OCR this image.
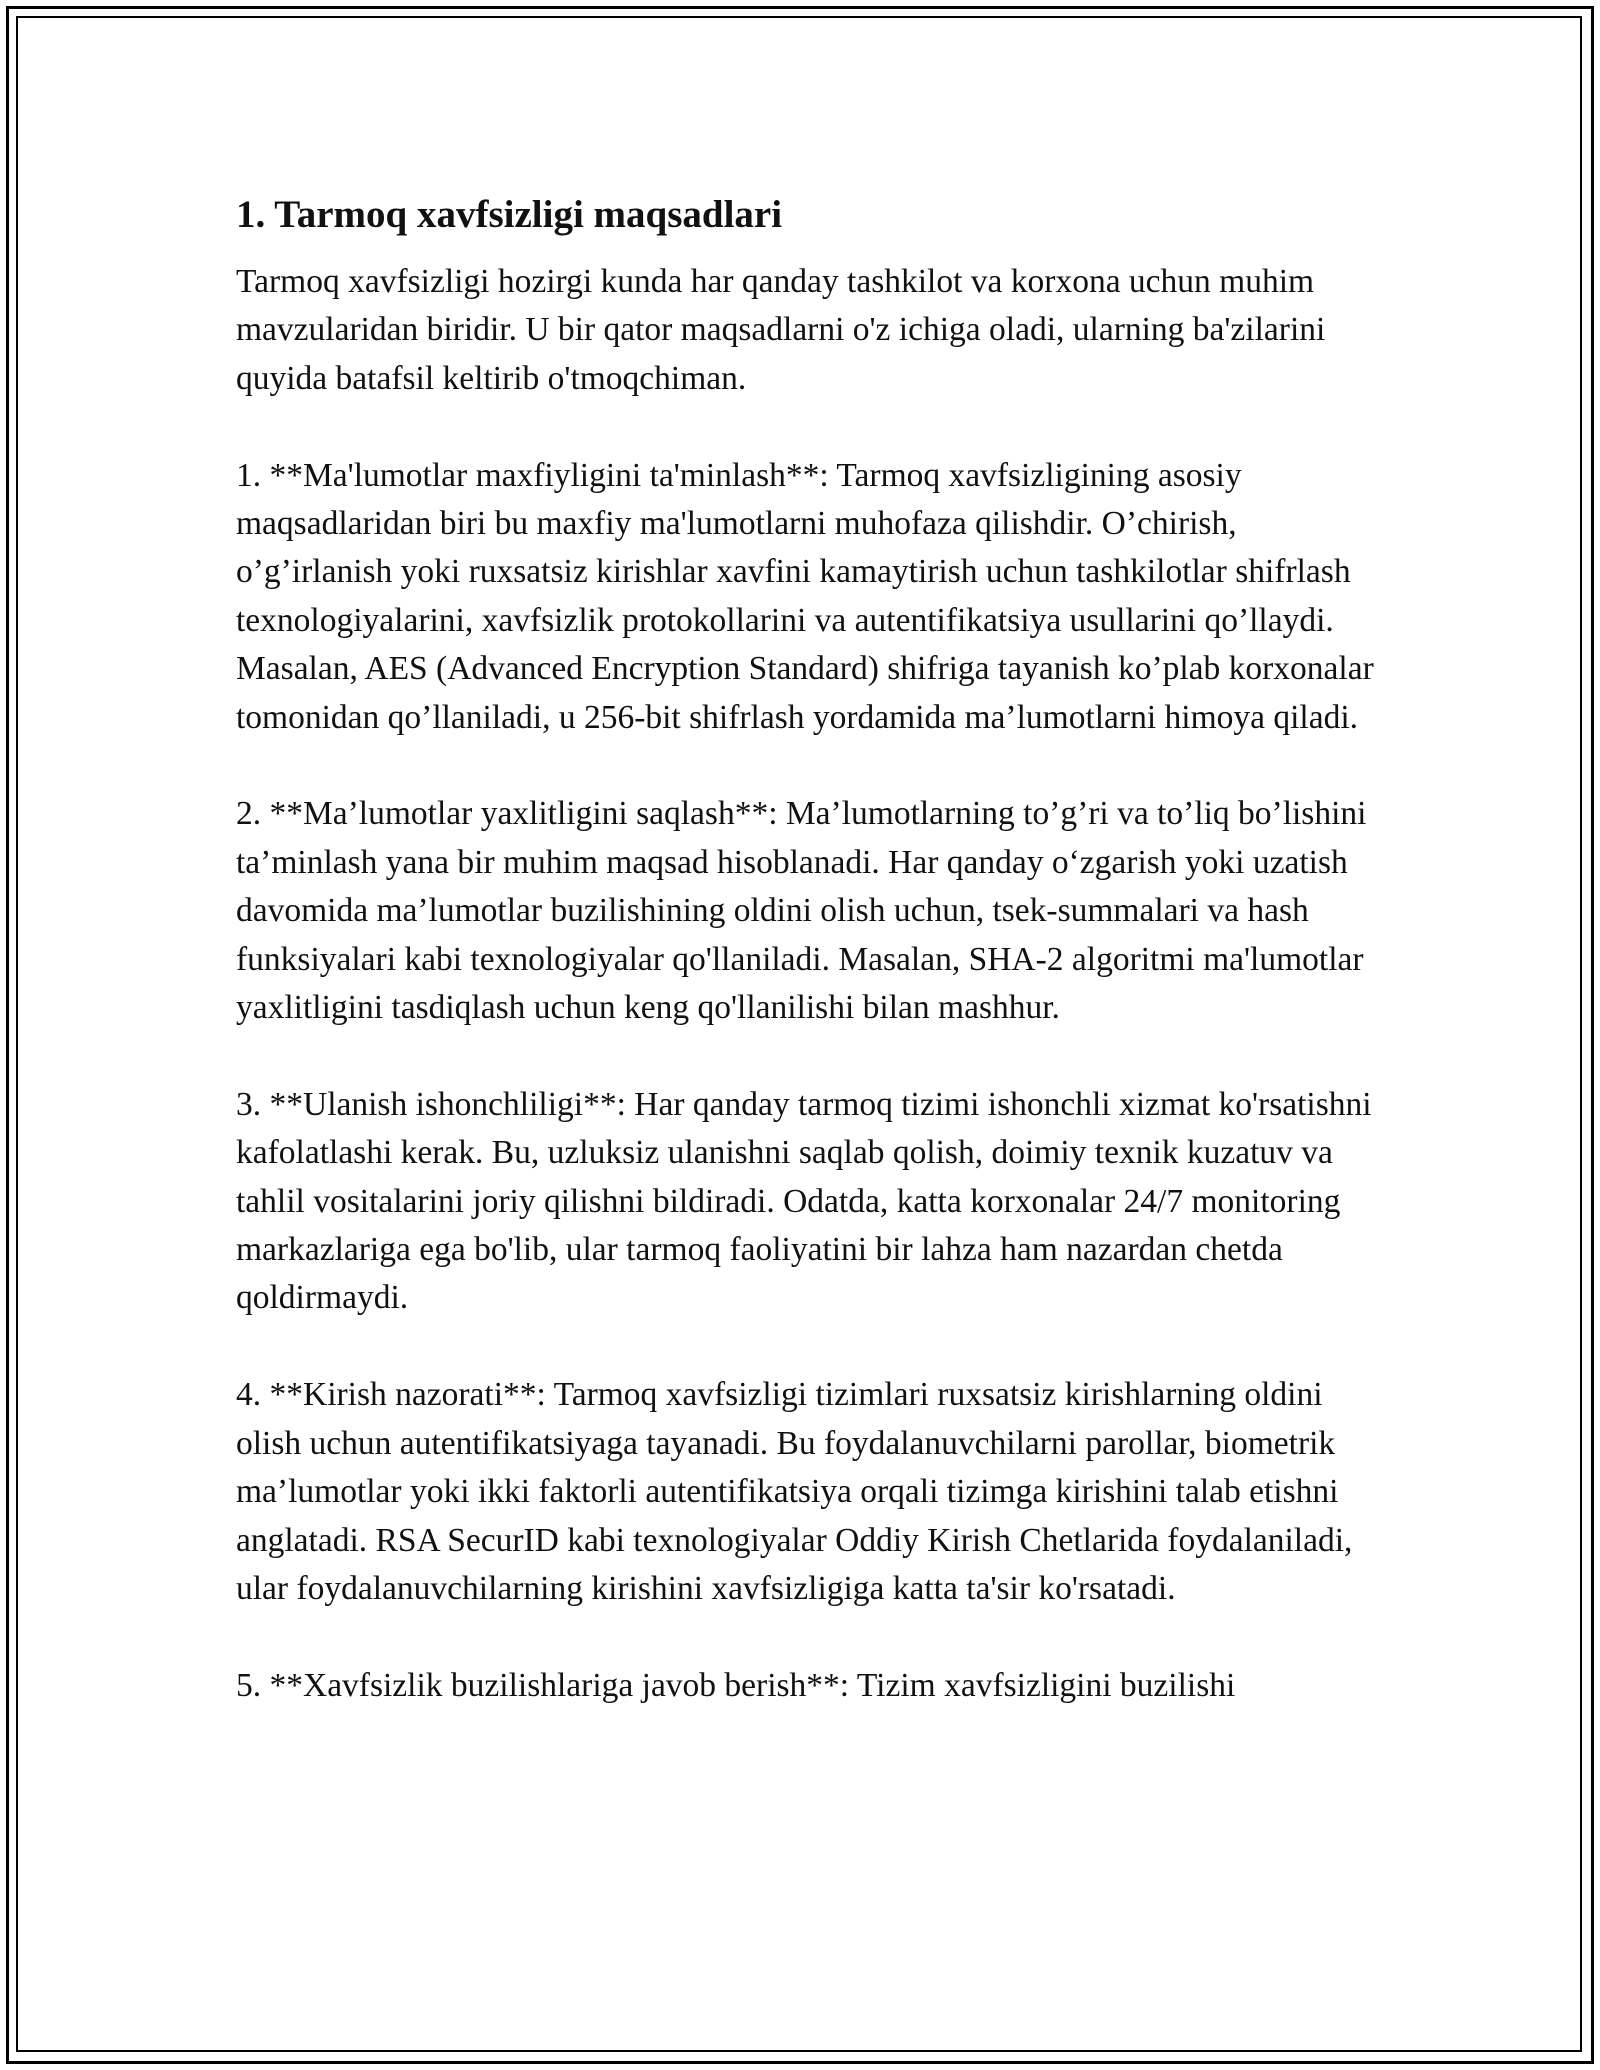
1. Tarmoq xavfsizligi maqsadlari

Tarmoq xavfsizligi hozirgi kunda har qanday tashkilot va korxona uchun muhim mavzularidan biridir. U bir qator maqsadlarni o'z ichiga oladi, ularning ba'zilarini quyida batafsil keltirib o'tmoqchiman.

1. **Ma'lumotlar maxfiyligini ta'minlash**: Tarmoq xavfsizligining asosiy maqsadlaridan biri bu maxfiy ma'lumotlarni muhofaza qilishdir. O’chirish, o’g’irlanish yoki ruxsatsiz kirishlar xavfini kamaytirish uchun tashkilotlar shifrlash texnologiyalarini, xavfsizlik protokollarini va autentifikatsiya usullarini qo’llaydi. Masalan, AES (Advanced Encryption Standard) shifriga tayanish ko’plab korxonalar tomonidan qo’llaniladi, u 256-bit shifrlash yordamida ma’lumotlarni himoya qiladi.

2. **Ma’lumotlar yaxlitligini saqlash**: Ma’lumotlarning to’g’ri va to’liq bo’lishini ta’minlash yana bir muhim maqsad hisoblanadi. Har qanday o‘zgarish yoki uzatish davomida ma’lumotlar buzilishining oldini olish uchun, tsek-summalari va hash funksiyalari kabi texnologiyalar qo'llaniladi. Masalan, SHA-2 algoritmi ma'lumotlar yaxlitligini tasdiqlash uchun keng qo'llanilishi bilan mashhur.

3. **Ulanish ishonchliligi**: Har qanday tarmoq tizimi ishonchli xizmat ko'rsatishni kafolatlashi kerak. Bu, uzluksiz ulanishni saqlab qolish, doimiy texnik kuzatuv va tahlil vositalarini joriy qilishni bildiradi. Odatda, katta korxonalar 24/7 monitoring markazlariga ega bo'lib, ular tarmoq faoliyatini bir lahza ham nazardan chetda qoldirmaydi.

4. **Kirish nazorati**: Tarmoq xavfsizligi tizimlari ruxsatsiz kirishlarning oldini olish uchun autentifikatsiyaga tayanadi. Bu foydalanuvchilarni parollar, biometrik ma’lumotlar yoki ikki faktorli autentifikatsiya orqali tizimga kirishini talab etishni anglatadi. RSA SecurID kabi texnologiyalar Oddiy Kirish Chetlarida foydalaniladi, ular foydalanuvchilarning kirishini xavfsizligiga katta ta'sir ko'rsatadi.

5. **Xavfsizlik buzilishlariga javob berish**: Tizim xavfsizligini buzilishi
